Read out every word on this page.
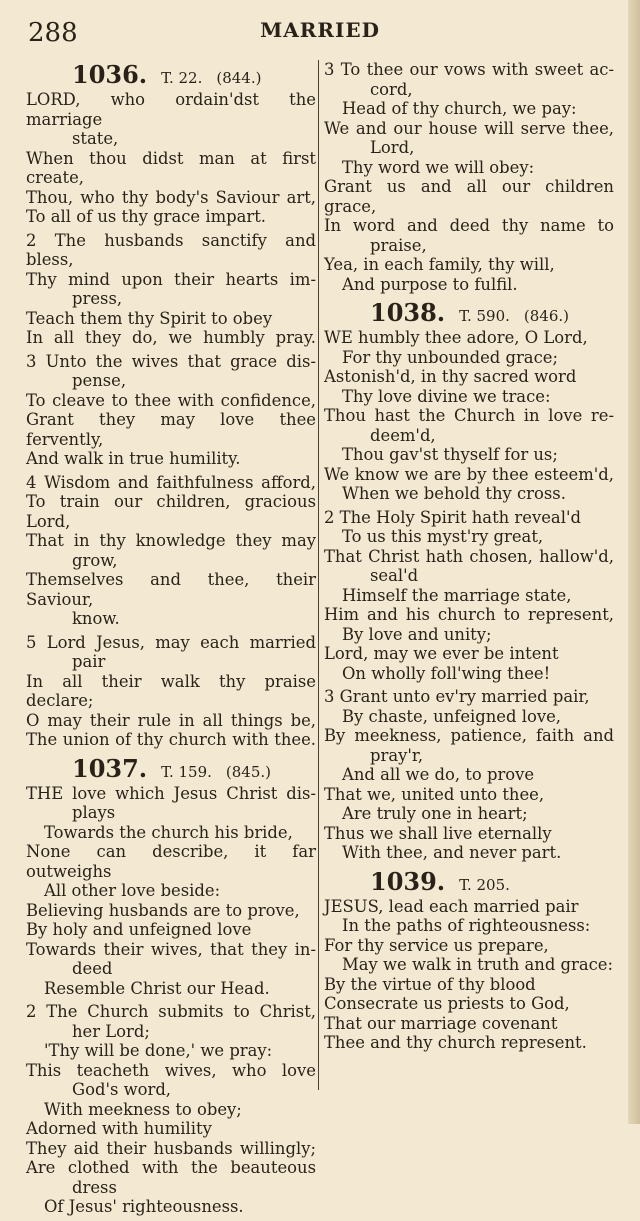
288	MARRIED
1036. T. 22. (844.)
LORD, who ordain'dst the marriage
state,
When thou didst man at first create,
Thou, who thy body's Saviour art,
To all of us thy grace impart.
2 The husbands sanctify and bless,
Thy mind upon their hearts im-
press,
Teach them thy Spirit to obey
In all they do, we humbly pray.
3 Unto the wives that grace dis-
pense,
To cleave to thee with confidence,
Grant they may love thee fervently,
And walk in true humility.
4 Wisdom and faithfulness afford,
To train our children, gracious Lord,
That in thy knowledge they may
grow,
Themselves and thee, their Saviour,
know.
5 Lord Jesus, may each married
pair
In all their walk thy praise declare;
O may their rule in all things be,
The union of thy church with thee.
1037. T. 159. (845.)
THE love which Jesus Christ dis-
plays
Towards the church his bride,
None can describe, it far outweighs
All other love beside:
Believing husbands are to prove,
By holy and unfeigned love
Towards their wives, that they in-
deed
Resemble Christ our Head.
2 The Church submits to Christ,
her Lord;
'Thy will be done,' we pray:
This teacheth wives, who love
God's word,
With meekness to obey;
Adorned with humility
They aid their husbands willingly;
Are clothed with the beauteous
dress
Of Jesus' righteousness.
3 To thee our vows with sweet ac-
cord,
Head of thy church, we pay:
We and our house will serve thee,
Lord,
Thy word we will obey:
Grant us and all our children grace,
In word and deed thy name to
praise,
Yea, in each family, thy will,
And purpose to fulfil.
1038. T. 590. (846.)
WE humbly thee adore, O Lord,
For thy unbounded grace;
Astonish'd, in thy sacred word
Thy love divine we trace:
Thou hast the Church in love re-
deem'd,
Thou gav'st thyself for us;
We know we are by thee esteem'd,
When we behold thy cross.
2 The Holy Spirit hath reveal'd
To us this myst'ry great,
That Christ hath chosen, hallow'd,
seal'd
Himself the marriage state,
Him and his church to represent,
By love and unity;
Lord, may we ever be intent
On wholly foll'wing thee!
3 Grant unto ev'ry married pair,
By chaste, unfeigned love,
By meekness, patience, faith and
pray'r,
And all we do, to prove
That we, united unto thee,
Are truly one in heart;
Thus we shall live eternally
With thee, and never part.
1039. T. 205.
JESUS, lead each married pair
In the paths of righteousness:
For thy service us prepare,
May we walk in truth and grace:
By the virtue of thy blood
Consecrate us priests to God,
That our marriage covenant
Thee and thy church represent.
